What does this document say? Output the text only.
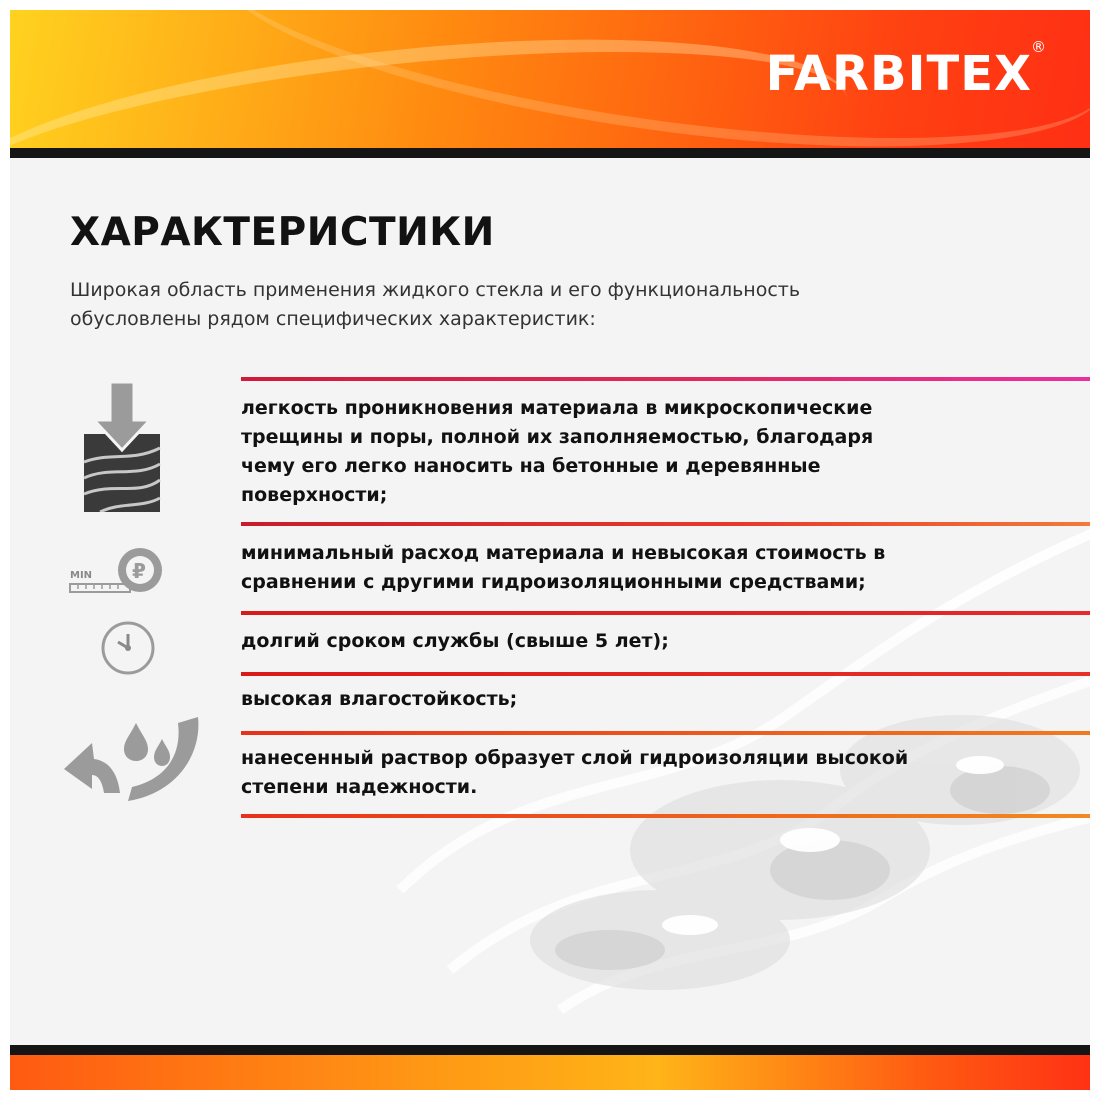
FARBITEX ®
ХАРАКТЕРИСТИКИ
Широкая область применения жидкого стекла и его функциональность обусловлены рядом специфических характеристик:
MIN ₽
легкость проникновения материала в микроскопические трещины и поры, полной их заполняемостью, благодаря чему его легко наносить на бетонные и деревянные поверхности;
минимальный расход материала и невысокая стоимость в сравнении с другими гидроизоляционными средствами;
долгий сроком службы (свыше 5 лет);
высокая влагостойкость;
нанесенный раствор образует слой гидроизоляции высокой степени надежности.
